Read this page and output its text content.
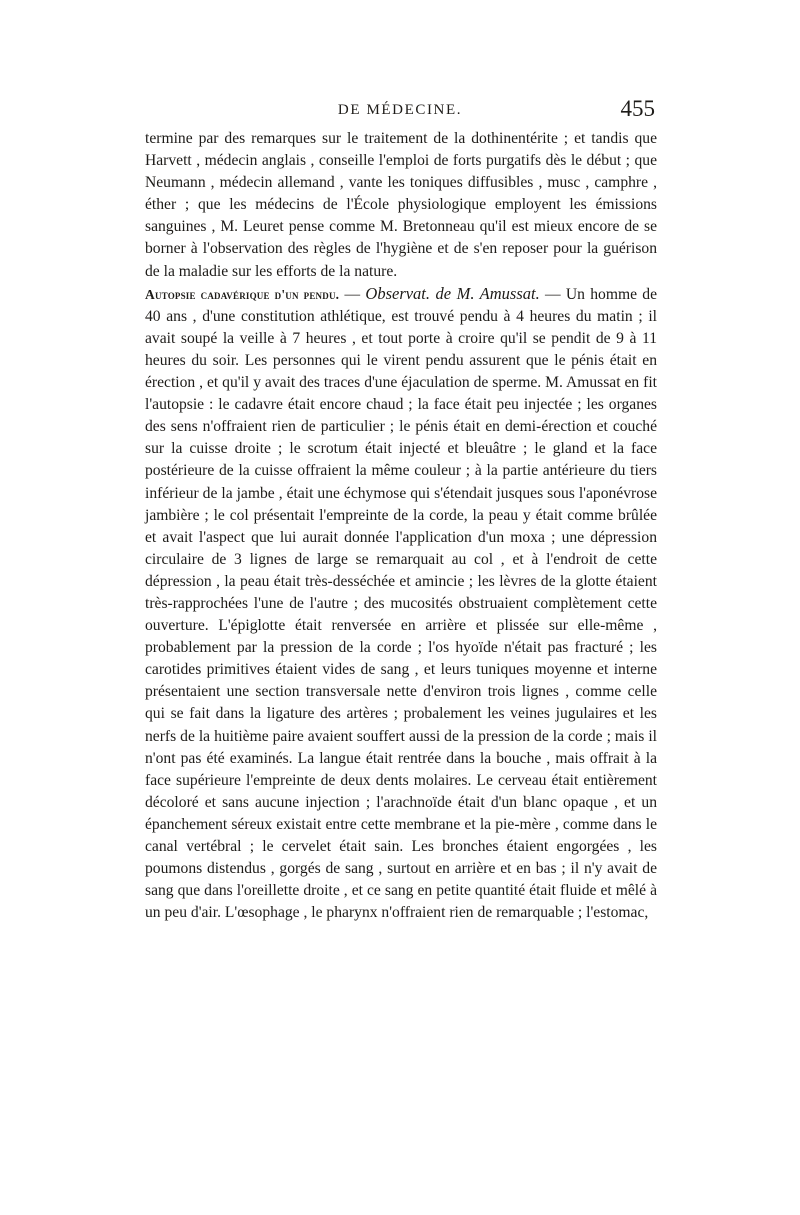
DE MÉDECINE.	455

termine par des remarques sur le traitement de la dothinentérite ; et tandis que Harvett , médecin anglais , conseille l'emploi de forts purgatifs dès le début ; que Neumann , médecin allemand , vante les toniques diffusibles , musc , camphre , éther ; que les médecins de l'École physiologique employent les émissions sanguines , M. Leuret pense comme M. Bretonneau qu'il est mieux encore de se borner à l'observation des règles de l'hygiène et de s'en reposer pour la guérison de la maladie sur les efforts de la nature.

Autopsie cadavérique d'un pendu. — Observat. de M. Amussat. — Un homme de 40 ans , d'une constitution athlétique, est trouvé pendu à 4 heures du matin ; il avait soupé la veille à 7 heures , et tout porte à croire qu'il se pendit de 9 à 11 heures du soir. Les personnes qui le virent pendu assurent que le pénis était en érection , et qu'il y avait des traces d'une éjaculation de sperme. M. Amussat en fit l'autopsie : le cadavre était encore chaud ; la face était peu injectée ; les organes des sens n'offraient rien de particulier ; le pénis était en demi-érection et couché sur la cuisse droite ; le scrotum était injecté et bleuâtre ; le gland et la face postérieure de la cuisse offraient la même couleur ; à la partie antérieure du tiers inférieur de la jambe , était une échymose qui s'étendait jusques sous l'aponévrose jambière ; le col présentait l'empreinte de la corde, la peau y était comme brûlée et avait l'aspect que lui aurait donnée l'application d'un moxa ; une dépression circulaire de 3 lignes de large se remarquait au col , et à l'endroit de cette dépression , la peau était très-desséchée et amincie ; les lèvres de la glotte étaient très-rapprochées l'une de l'autre ; des mucosités obstruaient complètement cette ouverture. L'épiglotte était renversée en arrière et plissée sur elle-même , probablement par la pression de la corde ; l'os hyoïde n'était pas fracturé ; les carotides primitives étaient vides de sang , et leurs tuniques moyenne et interne présentaient une section transversale nette d'environ trois lignes , comme celle qui se fait dans la ligature des artères ; probalement les veines jugulaires et les nerfs de la huitième paire avaient souffert aussi de la pression de la corde ; mais il n'ont pas été examinés. La langue était rentrée dans la bouche , mais offrait à la face supérieure l'empreinte de deux dents molaires. Le cerveau était entièrement décoloré et sans aucune injection ; l'arachnoïde était d'un blanc opaque , et un épanchement séreux existait entre cette membrane et la pie-mère , comme dans le canal vertébral ; le cervelet était sain. Les bronches étaient engorgées , les poumons distendus , gorgés de sang , surtout en arrière et en bas ; il n'y avait de sang que dans l'oreillette droite , et ce sang en petite quantité était fluide et mêlé à un peu d'air. L'œsophage , le pharynx n'offraient rien de remarquable ; l'estomac,
